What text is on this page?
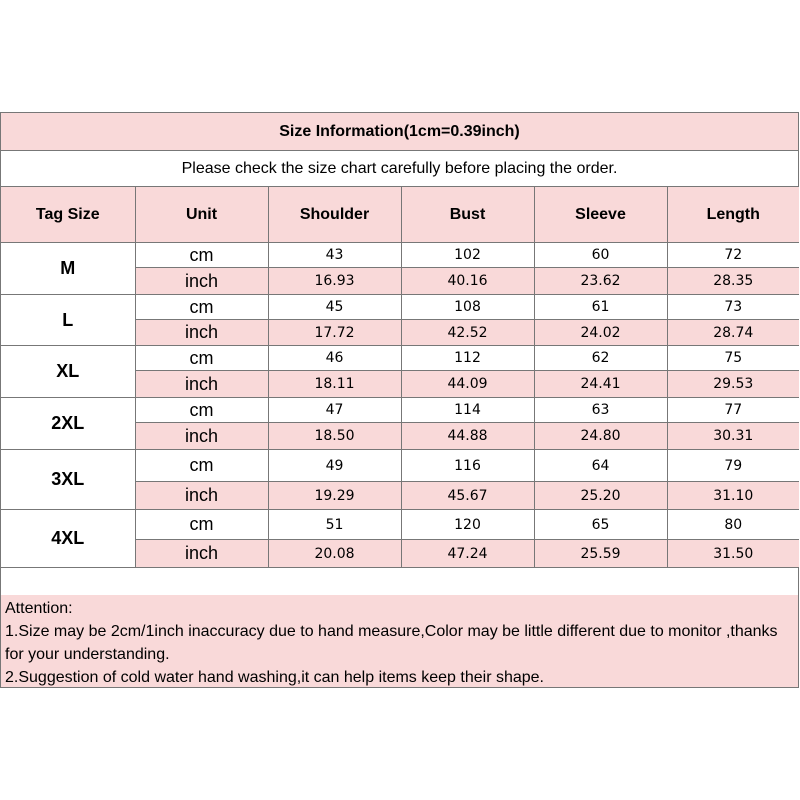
Size Information(1cm=0.39inch)
Please check the size chart carefully before placing the order.
Tag Size	Unit	Shoulder	Bust	Sleeve	Length
M	cm	43	102	60	72
	inch	16.93	40.16	23.62	28.35
L	cm	45	108	61	73
	inch	17.72	42.52	24.02	28.74
XL	cm	46	112	62	75
	inch	18.11	44.09	24.41	29.53
2XL	cm	47	114	63	77
	inch	18.50	44.88	24.80	30.31
3XL	cm	49	116	64	79
	inch	19.29	45.67	25.20	31.10
4XL	cm	51	120	65	80
	inch	20.08	47.24	25.59	31.50

Attention:

1.Size may be 2cm/1inch inaccuracy due to hand measure,Color may be little different due to monitor ,thanks for your understanding.

2.Suggestion of cold water hand washing,it can help items keep their shape.
